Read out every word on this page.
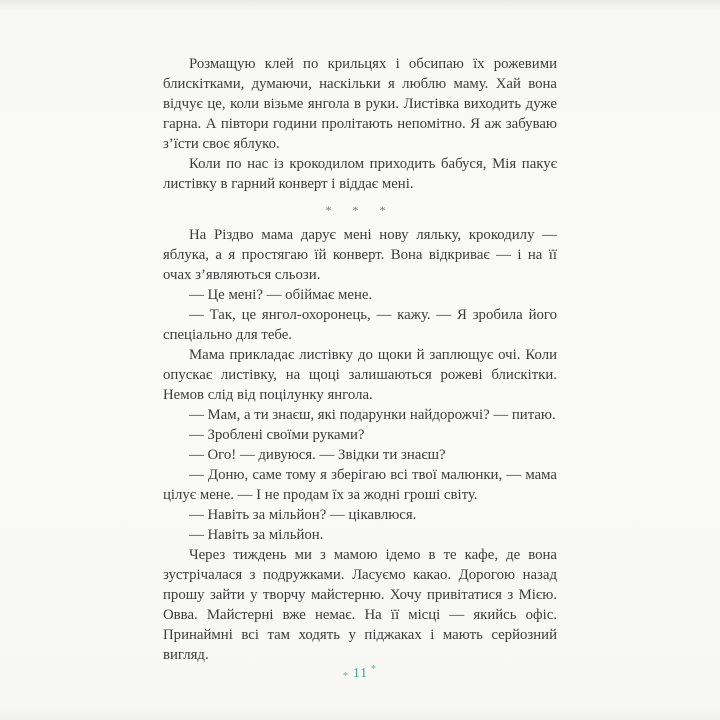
Розмащую клей по крильцях і обсипаю їх рожевими блискітками, думаючи, наскільки я люблю маму. Хай вона відчує це, коли візьме янгола в руки. Листівка виходить дуже гарна. А півтори години пролітають непомітно. Я аж забуваю з’їсти своє яблуко.

Коли по нас із крокодилом приходить бабуся, Мія пакує листівку в гарний конверт і віддає мені.

* * *

На Різдво мама дарує мені нову ляльку, крокодилу — яблука, а я простягаю їй конверт. Вона відкриває — і на її очах з’являються сльози.

— Це мені? — обіймає мене.

— Так, це янгол-охоронець, — кажу. — Я зробила його спеціально для тебе.

Мама прикладає листівку до щоки й заплющує очі. Коли опускає листівку, на щоці залишаються рожеві блискітки. Немов слід від поцілунку янгола.

— Мам, а ти знаєш, які подарунки найдорожчі? — питаю.

— Зроблені своїми руками?

— Ого! — дивуюся. — Звідки ти знаєш?

— Доню, саме тому я зберігаю всі твої малюнки, — мама цілує мене. — І не продам їх за жодні гроші світу.

— Навіть за мільйон? — цікавлюся.

— Навіть за мільйон.

Через тиждень ми з мамою ідемо в те кафе, де вона зустрічалася з подружками. Ласуємо какао. Дорогою назад прошу зайти у творчу майстерню. Хочу привітатися з Мією. Овва. Майстерні вже немає. На її місці — якийсь офіс. Принаймні всі там ходять у піджаках і мають серйозний вигляд.

* 11 *
